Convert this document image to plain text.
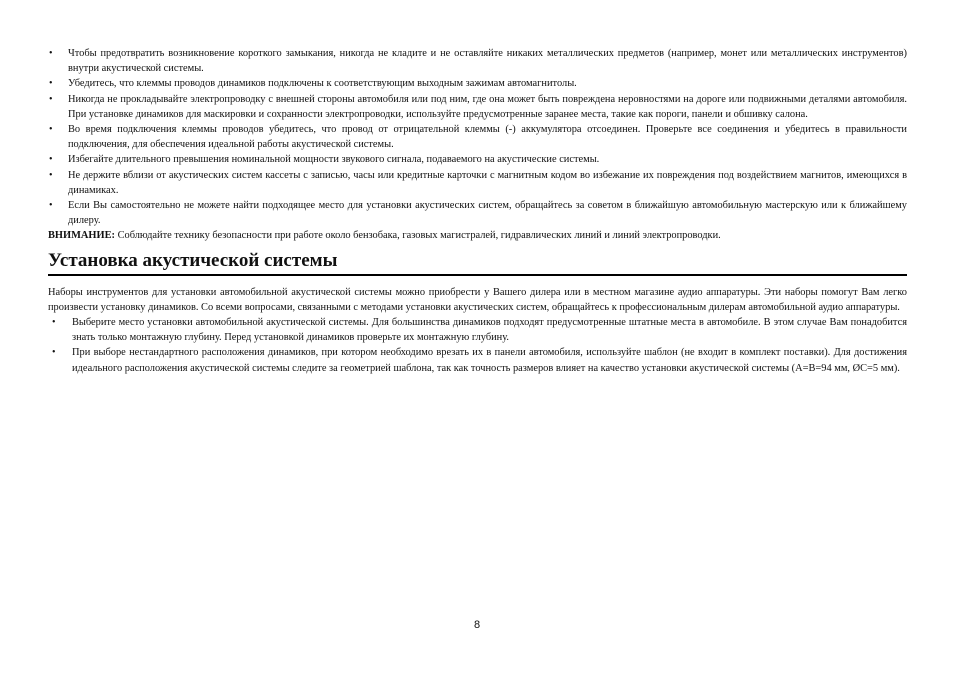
• Чтобы предотвратить возникновение короткого замыкания, никогда не кладите и не оставляйте никаких металлических предметов (например, монет или металлических инструментов) внутри акустической системы.
• Убедитесь, что клеммы проводов динамиков подключены к соответствующим выходным зажимам автомагнитолы.
• Никогда не прокладывайте электропроводку с внешней стороны автомобиля или под ним, где она может быть повреждена неровностями на дороге или подвижными деталями автомобиля. При установке динамиков для маскировки и сохранности электропроводки, используйте предусмотренные заранее места, такие как пороги, панели и обшивку салона.
• Во время подключения клеммы проводов убедитесь, что провод от отрицательной клеммы (-) аккумулятора отсоединен. Проверьте все соединения и убедитесь в правильности подключения, для обеспечения идеальной работы акустической системы.
• Избегайте длительного превышения номинальной мощности звукового сигнала, подаваемого на акустические системы.
• Не держите вблизи от акустических систем кассеты с записью, часы или кредитные карточки с магнитным кодом во избежание их повреждения под воздействием магнитов, имеющихся в динамиках.
• Если Вы самостоятельно не можете найти подходящее место для установки акустических систем, обращайтесь за советом в ближайшую автомобильную мастерскую или к ближайшему дилеру.

ВНИМАНИЕ: Соблюдайте технику безопасности при работе около бензобака, газовых магистралей, гидравлических линий и линий электропроводки.

Установка акустической системы

Наборы инструментов для установки автомобильной акустической системы можно приобрести у Вашего дилера или в местном магазине аудио аппаратуры. Эти наборы помогут Вам легко произвести установку динамиков. Со всеми вопросами, связанными с методами установки акустических систем, обращайтесь к профессиональным дилерам автомобильной аудио аппаратуры.

• Выберите место установки автомобильной акустической системы. Для большинства динамиков подходят предусмотренные штатные места в автомобиле. В этом случае Вам понадобится знать только монтажную глубину. Перед установкой динамиков проверьте их монтажную глубину.
• При выборе нестандартного расположения динамиков, при котором необходимо врезать их в панели автомобиля, используйте шаблон (не входит в комплект поставки). Для достижения идеального расположения акустической системы следите за геометрией шаблона, так как точность размеров влияет на качество установки акустической системы (A=B=94 мм, ØC=5 мм).
8
